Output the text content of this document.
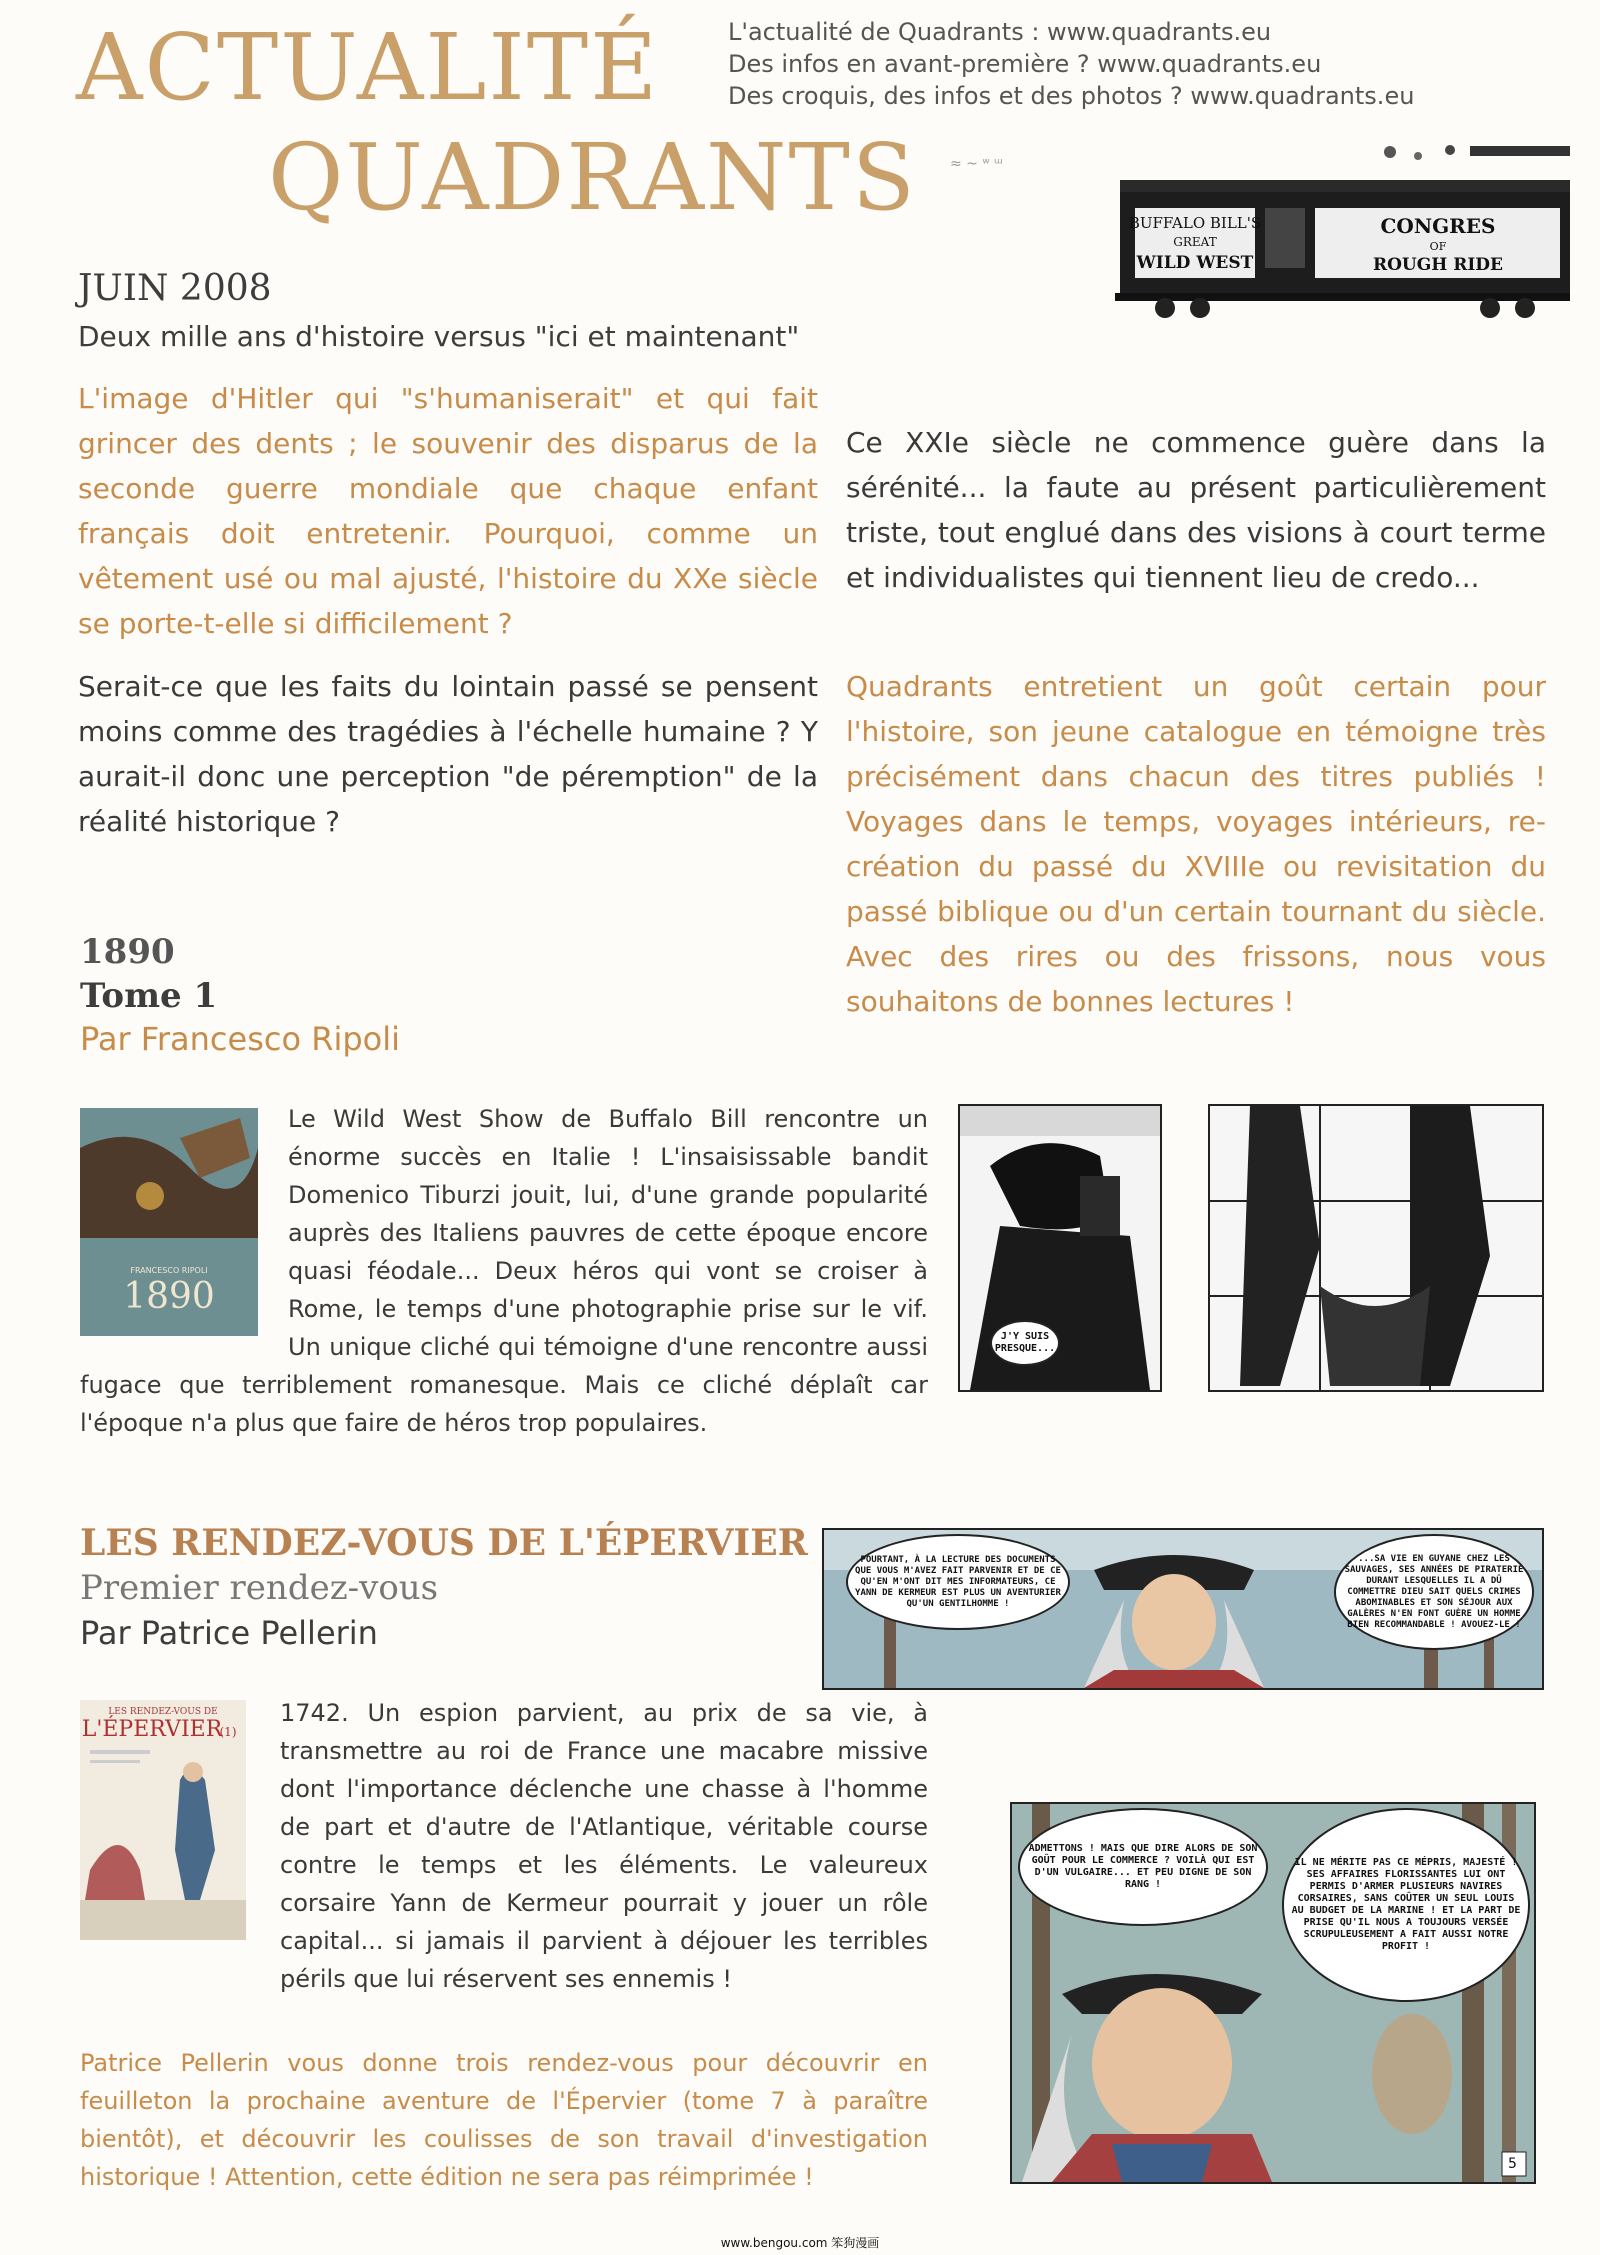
ACTUALITÉ
QUADRANTS
L'actualité de Quadrants : www.quadrants.eu
Des infos en avant-première ? www.quadrants.eu
Des croquis, des infos et des photos ? www.quadrants.eu
≈ ~ ʷ ᵚ
BUFFALO BILL'S
GREAT
WILD WEST
CONGRES
OF
ROUGH RIDE
JUIN 2008
Deux mille ans d'histoire versus "ici et maintenant"

L'image d'Hitler qui "s'humaniserait" et qui fait grincer des dents ; le souvenir des disparus de la seconde guerre mondiale que chaque enfant français doit entretenir. Pourquoi, comme un vêtement usé ou mal ajusté, l'histoire du XXe siècle se porte-t-elle si difficilement ?

Serait-ce que les faits du lointain passé se pensent moins comme des tragédies à l'échelle humaine ? Y aurait-il donc une perception "de péremption" de la réalité historique ?

Ce XXIe siècle ne commence guère dans la sérénité... la faute au présent particulièrement triste, tout englué dans des visions à court terme et individualistes qui tiennent lieu de credo...

Quadrants entretient un goût certain pour l'histoire, son jeune catalogue en témoigne très précisément dans chacun des titres publiés ! Voyages dans le temps, voyages intérieurs, re-création du passé du XVIIIe ou revisitation du passé biblique ou d'un certain tournant du siècle. Avec des rires ou des frissons, nous vous souhaitons de bonnes lectures !

1890
Tome 1
Par Francesco Ripoli
1890
FRANCESCO RIPOLI

Le Wild West Show de Buffalo Bill rencontre un énorme succès en Italie ! L'insaisissable bandit Domenico Tiburzi jouit, lui, d'une grande popularité auprès des Italiens pauvres de cette époque encore quasi féodale... Deux héros qui vont se croiser à Rome, le temps d'une photographie prise sur le vif. Un unique cliché qui témoigne d'une rencontre aussi fugace que terriblement romanesque. Mais ce cliché déplaît car l'époque n'a plus que faire de héros trop populaires.

J'Y SUIS PRESQUE...
LES RENDEZ-VOUS DE L'ÉPERVIER
Premier rendez-vous
Par Patrice Pellerin
POURTANT, À LA LECTURE DES DOCUMENTS QUE VOUS M'AVEZ FAIT PARVENIR ET DE CE QU'EN M'ONT DIT MES INFORMATEURS, CE YANN DE KERMEUR EST PLUS UN AVENTURIER QU'UN GENTILHOMME !
...SA VIE EN GUYANE CHEZ LES SAUVAGES, SES ANNÉES DE PIRATERIE DURANT LESQUELLES IL A DÛ COMMETTRE DIEU SAIT QUELS CRIMES ABOMINABLES ET SON SÉJOUR AUX GALÈRES N'EN FONT GUÈRE UN HOMME BIEN RECOMMANDABLE ! AVOUEZ-LE !
LES RENDEZ-VOUS DE
L'ÉPERVIER
(1)

1742. Un espion parvient, au prix de sa vie, à transmettre au roi de France une macabre missive dont l'importance déclenche une chasse à l'homme de part et d'autre de l'Atlantique, véritable course contre le temps et les éléments. Le valeureux corsaire Yann de Kermeur pourrait y jouer un rôle capital... si jamais il parvient à déjouer les terribles périls que lui réservent ses ennemis !

Patrice Pellerin vous donne trois rendez-vous pour découvrir en feuilleton la prochaine aventure de l'Épervier (tome 7 à paraître bientôt), et découvrir les coulisses de son travail d'investigation historique ! Attention, cette édition ne sera pas réimprimée !

ADMETTONS ! MAIS QUE DIRE ALORS DE SON GOÛT POUR LE COMMERCE ? VOILÀ QUI EST D'UN VULGAIRE... ET PEU DIGNE DE SON RANG !
IL NE MÉRITE PAS CE MÉPRIS, MAJESTÉ ! SES AFFAIRES FLORISSANTES LUI ONT PERMIS D'ARMER PLUSIEURS NAVIRES CORSAIRES, SANS COÛTER UN SEUL LOUIS AU BUDGET DE LA MARINE ! ET LA PART DE PRISE QU'IL NOUS A TOUJOURS VERSÉE SCRUPULEUSEMENT A FAIT AUSSI NOTRE PROFIT !
5
www.bengou.com 笨狗漫画
